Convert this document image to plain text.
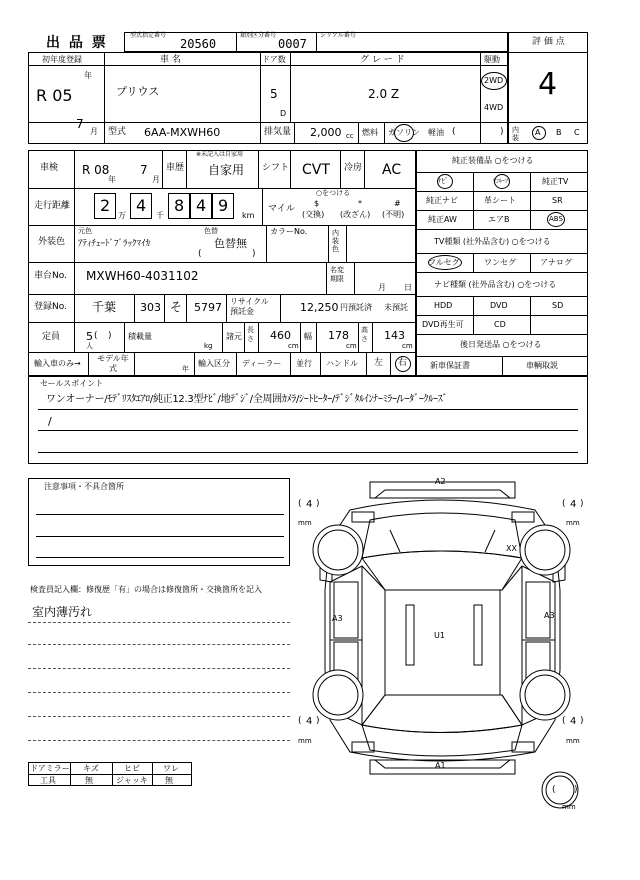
出 品 票	型式指定番号
20560
類別区分番号
0007
シリアル番号
評 価 点
4
初年度登録
R 05
年
7
月
車 名
プリウス
ドア数
5
D
グ レ ー ド
2.0 Z
駆動
2WD
4WD
型式 6AA-MXWH60	排気量 2,000 cc 燃料 ガソリン 軽油 (	) 内装
A B C
車検 R 08
年
7
月
車歴
※未記入は自家用
自家用 シフト CVT 冷房 AC
走行距離 2
万
4
千
8 4 9
km
○をつける
マイル
$
(交換)
*
(改ざん)
#
(不明)
外装色
元色
ｱﾃｨﾁｭｰﾄﾞﾌﾞﾗｯｸﾏｲｶ
色替
色替無
(	)
カラーNo.	内装色
車台No. MXWH60-4031102	名変期限
月 日
登録No. 千葉 303 そ 5797 リサイクル預託金	12,250 円預託済 未預託
定員 5 ( )
人
積載量
kg
諸元
長さ 460
cm
幅 178
cm
高さ 143
cm
輸入車のみ→
モデル年式	年
輸入区分 ディーラー 並行 ハンドル 左 右
純正装備品 ○をつける
ﾅﾋﾞ	ｻﾝﾙｰﾌ	純正TV
純正ナビ	革シート	SR
純正AW	エアB	ABS
TV種類 (社外品含む) ○をつける
フルセグ	ワンセグ	アナログ
ナビ種類 (社外品含む) ○をつける
HDD	DVD	SD
DVD再生可	CD
後日発送品 ○をつける
新車保証書	車輌取説
セールスポイント
ワンオーナー/ﾓﾃﾞﾘｽﾀｴｱﾛ/純正12.3型ﾅﾋﾞ/地ﾃﾞｼﾞ/全周囲ｶﾒﾗ/ｼｰﾄﾋｰﾀｰ/ﾃﾞｼﾞﾀﾙｲﾝﾅｰﾐﾗｰ/ﾚｰﾀﾞｰｸﾙｰｽﾞ
/
注意事項・不具合箇所
検査員記入欄：修復歴「有」の場合は修復箇所・交換箇所を記入
室内薄汚れ
ドアミラー キズ	ヒビ	ワレ
工具	無	ジャッキ 無
A2
A1
A3	A3
U1
XX
( 4 )
mm
( 4 )
mm
( 4 )
mm
( 4 )
mm
( )
mm
